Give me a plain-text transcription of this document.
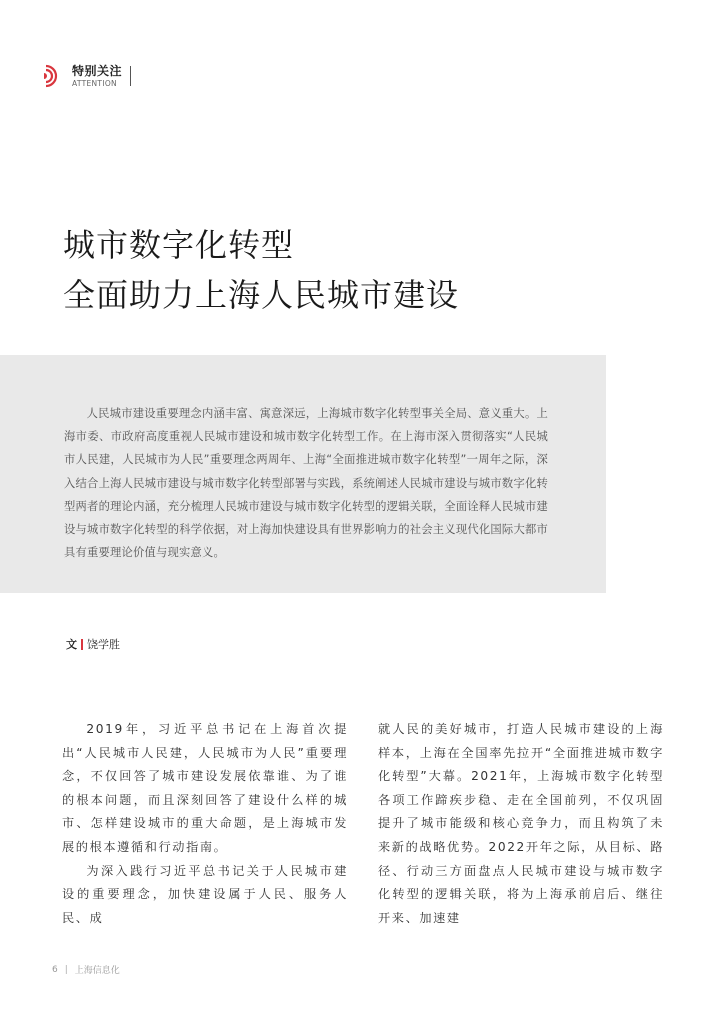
特别关注
ATTENTION
城市数字化转型
全面助力上海人民城市建设
人民城市建设重要理念内涵丰富、寓意深远，上海城市数字化转型事关全局、意义重大。上海市委、市政府高度重视人民城市建设和城市数字化转型工作。在上海市深入贯彻落实“人民城市人民建，人民城市为人民”重要理念两周年、上海“全面推进城市数字化转型”一周年之际，深入结合上海人民城市建设与城市数字化转型部署与实践，系统阐述人民城市建设与城市数字化转型两者的理论内涵，充分梳理人民城市建设与城市数字化转型的逻辑关联，全面诠释人民城市建设与城市数字化转型的科学依据，对上海加快建设具有世界影响力的社会主义现代化国际大都市具有重要理论价值与现实意义。
文 饶学胜

2019年，习近平总书记在上海首次提出“人民城市人民建，人民城市为人民”重要理念，不仅回答了城市建设发展依靠谁、为了谁的根本问题，而且深刻回答了建设什么样的城市、怎样建设城市的重大命题，是上海城市发展的根本遵循和行动指南。

为深入践行习近平总书记关于人民城市建设的重要理念，加快建设属于人民、服务人民、成

就人民的美好城市，打造人民城市建设的上海样本，上海在全国率先拉开“全面推进城市数字化转型”大幕。2021年，上海城市数字化转型各项工作蹄疾步稳、走在全国前列，不仅巩固提升了城市能级和核心竞争力，而且构筑了未来新的战略优势。2022开年之际，从目标、路径、行动三方面盘点人民城市建设与城市数字化转型的逻辑关联，将为上海承前启后、继往开来、加速建

6 | 上海信息化
